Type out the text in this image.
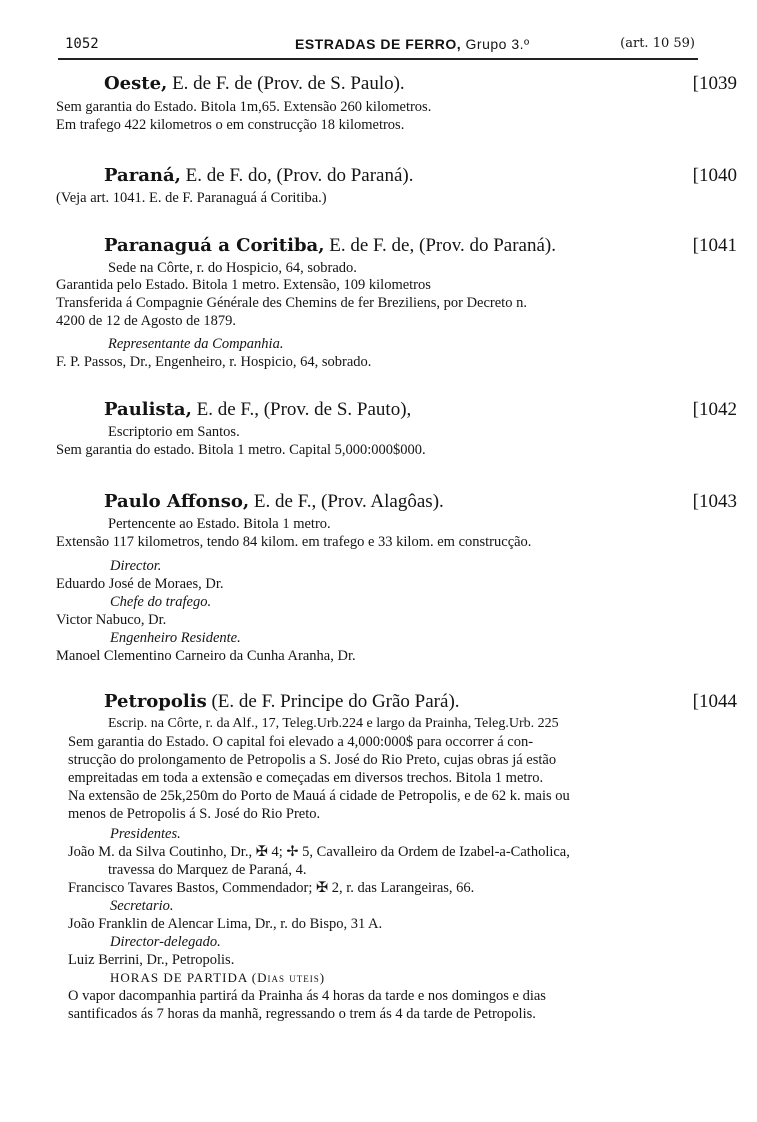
1052	ESTRADAS DE FERRO, Grupo 3.º	(art. 10 59)
Oeste, E. de F. de (Prov. de S. Paulo).	[1039
Sem garantia do Estado. Bitola 1m,65. Extensão 260 kilometros.
Em trafego 422 kilometros o em construcção 18 kilometros.
Paraná, E. de F. do, (Prov. do Paraná).	[1040
(Veja art. 1041. E. de F. Paranaguá á Coritiba.)
Paranaguá a Coritiba, E. de F. de, (Prov. do Paraná).	[1041
Sede na Côrte, r. do Hospicio, 64, sobrado.
Garantida pelo Estado. Bitola 1 metro. Extensão, 109 kilometros
Transferida á Compagnie Générale des Chemins de fer Breziliens, por Decreto n.
4200 de 12 de Agosto de 1879.
Representante da Companhia.
F. P. Passos, Dr., Engenheiro, r. Hospicio, 64, sobrado.
Paulista, E. de F., (Prov. de S. Pauto),	[1042
Escriptorio em Santos.
Sem garantia do estado. Bitola 1 metro. Capital 5,000:000$000.
Paulo Affonso, E. de F., (Prov. Alagôas).	[1043
Pertencente ao Estado. Bitola 1 metro.
Extensão 117 kilometros, tendo 84 kilom. em trafego e 33 kilom. em construcção.
Director.
Eduardo José de Moraes, Dr.
Chefe do trafego.
Victor Nabuco, Dr.
Engenheiro Residente.
Manoel Clementino Carneiro da Cunha Aranha, Dr.
Petropolis (E. de F. Principe do Grão Pará).	[1044
Escrip. na Côrte, r. da Alf., 17, Teleg.Urb.224 e largo da Prainha, Teleg.Urb. 225
Sem garantia do Estado. O capital foi elevado a 4,000:000$ para occorrer á con-
strucção do prolongamento de Petropolis a S. José do Rio Preto, cujas obras já estão
empreitadas em toda a extensão e começadas em diversos trechos. Bitola 1 metro.
Na extensão de 25k,250m do Porto de Mauá á cidade de Petropolis, e de 62 k. mais ou
menos de Petropolis á S. José do Rio Preto.
Presidentes.
João M. da Silva Coutinho, Dr., ✠ 4; ✢ 5, Cavalleiro da Ordem de Izabel-a-Catholica,
travessa do Marquez de Paraná, 4.
Francisco Tavares Bastos, Commendador; ✠ 2, r. das Larangeiras, 66.
Secretario.
João Franklin de Alencar Lima, Dr., r. do Bispo, 31 A.
Director-delegado.
Luiz Berrini, Dr., Petropolis.
HORAS DE PARTIDA (Dias uteis)
O vapor dacompanhia partirá da Prainha ás 4 horas da tarde e nos domingos e dias
santificados ás 7 horas da manhã, regressando o trem ás 4 da tarde de Petropolis.
